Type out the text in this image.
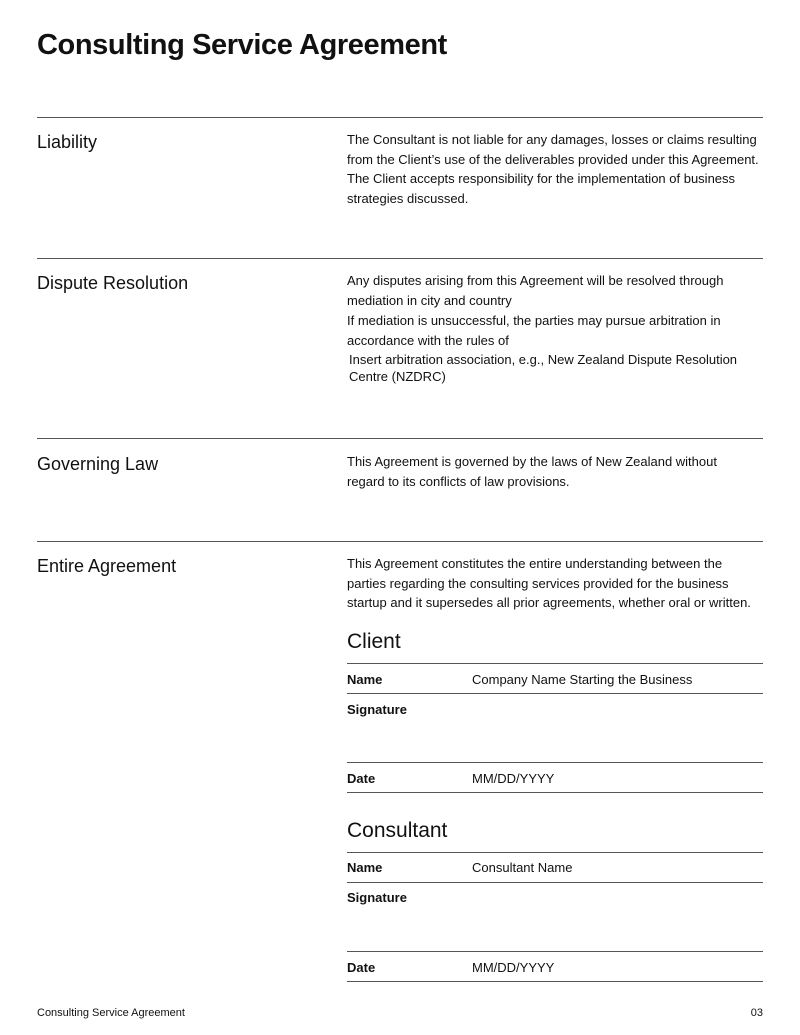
Consulting Service Agreement
Liability	The Consultant is not liable for any damages, losses or claims resulting from the Client’s use of the deliverables provided under this Agreement. The Client accepts responsibility for the implementation of business strategies discussed.

Dispute Resolution	Any disputes arising from this Agreement will be resolved through mediation in city and country

If mediation is unsuccessful, the parties may pursue arbitration in accordance with the rules of

Insert arbitration association, e.g., New Zealand Dispute Resolution Centre (NZDRC)

Governing Law	This Agreement is governed by the laws of New Zealand without regard to its conflicts of law provisions.

Entire Agreement	This Agreement constitutes the entire understanding between the parties regarding the consulting services provided for the business startup and it supersedes all prior agreements, whether oral or written.

Client
Name	Company Name Starting the Business
Signature
Date	MM/DD/YYYY
Consultant
Name	Consultant Name
Signature
Date	MM/DD/YYYY
Consulting Service Agreement	03
